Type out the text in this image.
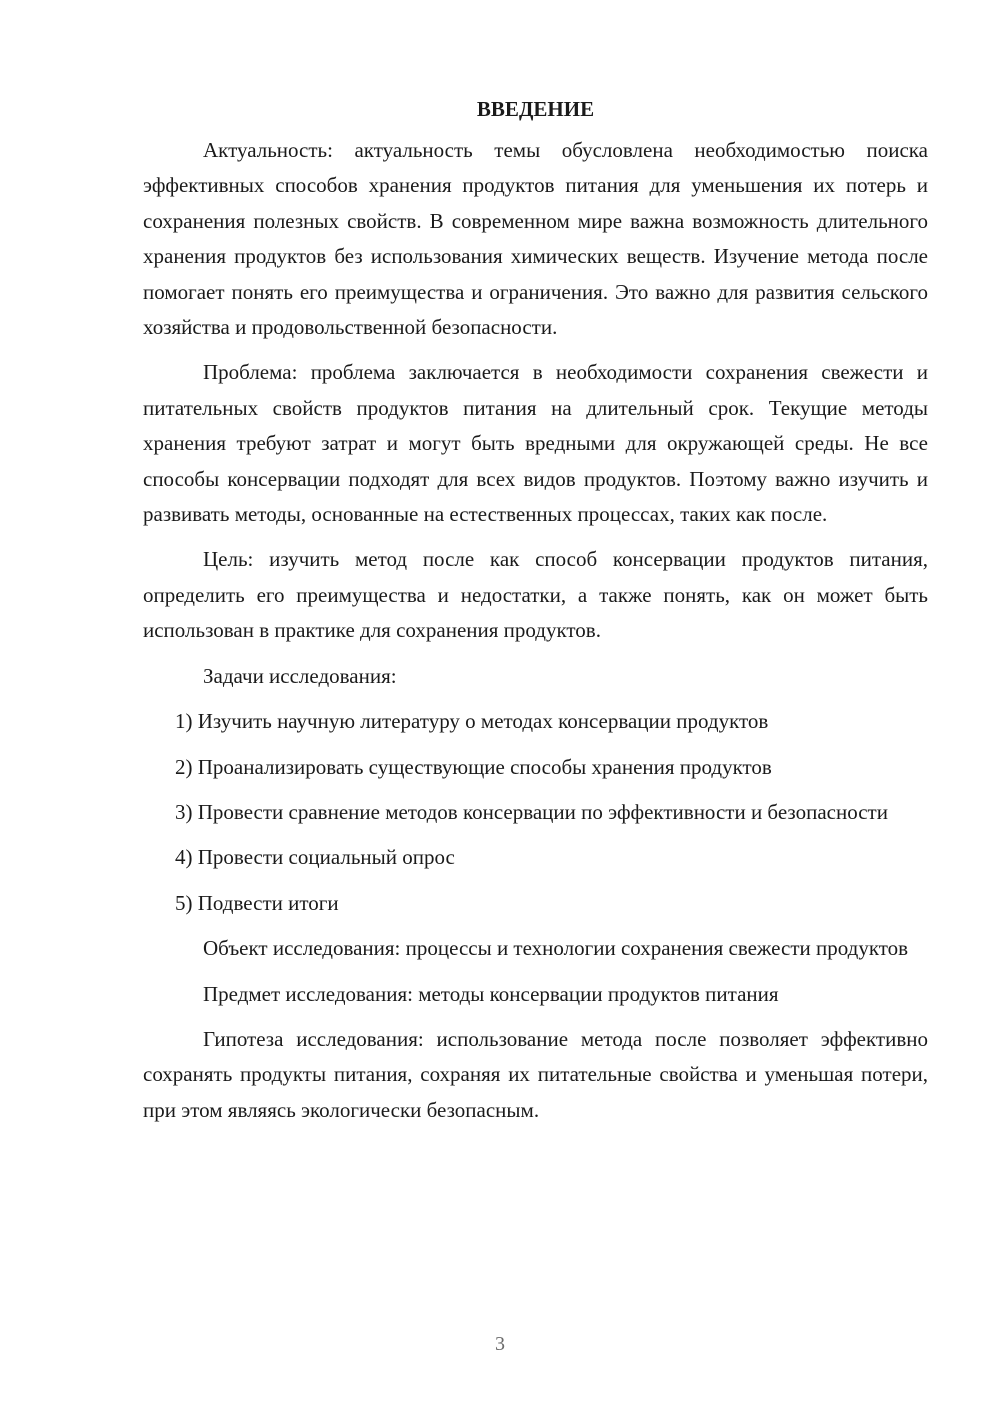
ВВЕДЕНИЕ

Актуальность: актуальность темы обусловлена необходимостью поиска эффективных способов хранения продуктов питания для уменьшения их потерь и сохранения полезных свойств. В современном мире важна возможность длительного хранения продуктов без использования химических веществ. Изучение метода после помогает понять его преимущества и ограничения. Это важно для развития сельского хозяйства и продовольственной безопасности.

Проблема: проблема заключается в необходимости сохранения свежести и питательных свойств продуктов питания на длительный срок. Текущие методы хранения требуют затрат и могут быть вредными для окружающей среды. Не все способы консервации подходят для всех видов продуктов. Поэтому важно изучить и развивать методы, основанные на естественных процессах, таких как после.

Цель: изучить метод после как способ консервации продуктов питания, определить его преимущества и недостатки, а также понять, как он может быть использован в практике для сохранения продуктов.

Задачи исследования:

1) Изучить научную литературу о методах консервации продуктов

2) Проанализировать существующие способы хранения продуктов

3) Провести сравнение методов консервации по эффективности и безопасности

4) Провести социальный опрос

5) Подвести итоги

Объект исследования: процессы и технологии сохранения свежести продуктов

Предмет исследования: методы консервации продуктов питания

Гипотеза исследования: использование метода после позволяет эффективно сохранять продукты питания, сохраняя их питательные свойства и уменьшая потери, при этом являясь экологически безопасным.

3
